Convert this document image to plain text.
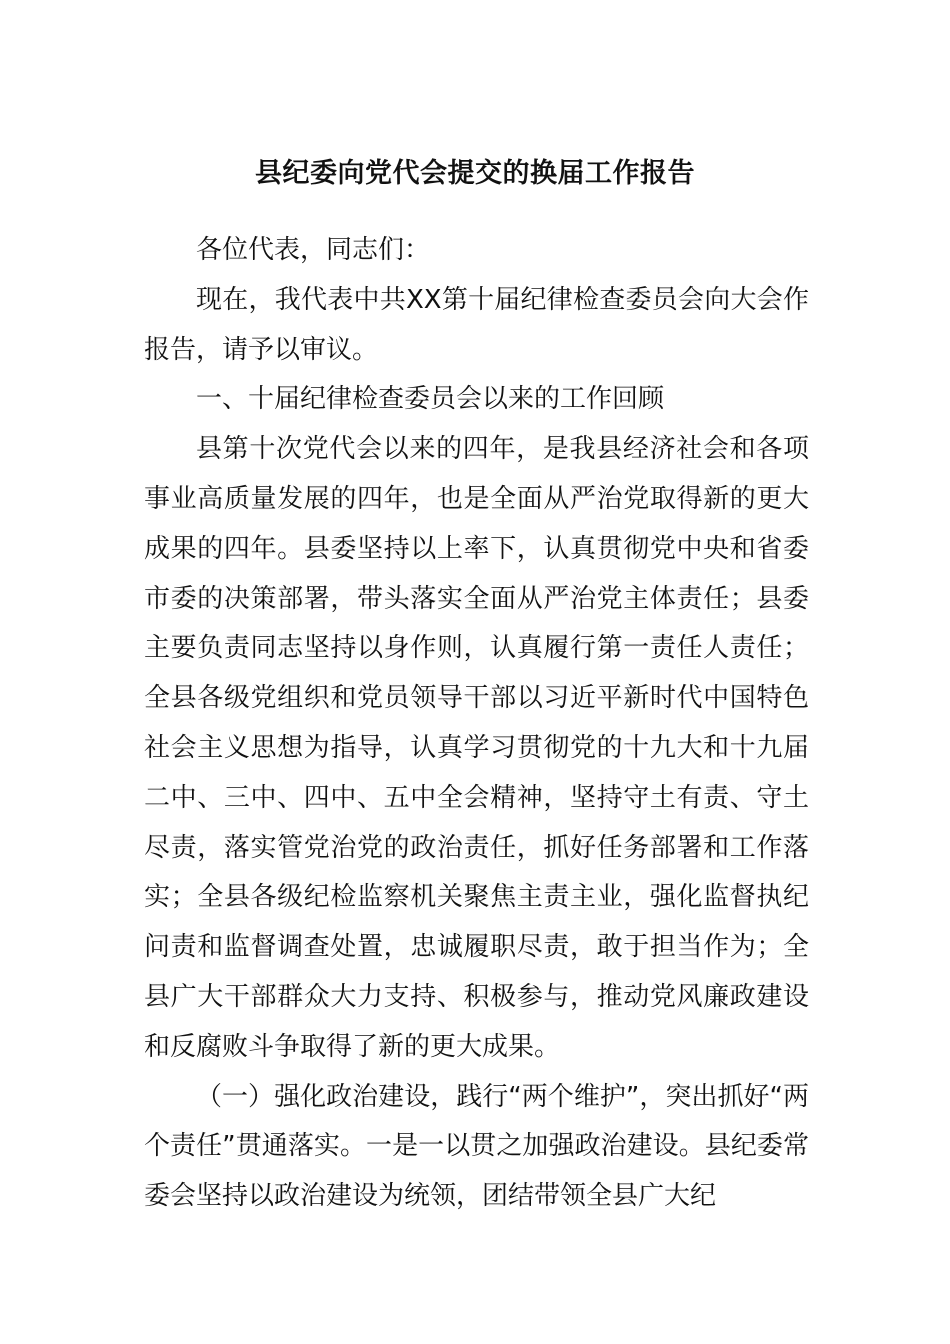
县纪委向党代会提交的换届工作报告

各位代表，同志们：

现在，我代表中共XX第十届纪律检查委员会向大会作报告，请予以审议。

一、十届纪律检查委员会以来的工作回顾

县第十次党代会以来的四年，是我县经济社会和各项事业高质量发展的四年，也是全面从严治党取得新的更大成果的四年。县委坚持以上率下，认真贯彻党中央和省委市委的决策部署，带头落实全面从严治党主体责任；县委主要负责同志坚持以身作则，认真履行第一责任人责任；全县各级党组织和党员领导干部以习近平新时代中国特色社会主义思想为指导，认真学习贯彻党的十九大和十九届二中、三中、四中、五中全会精神，坚持守土有责、守土尽责，落实管党治党的政治责任，抓好任务部署和工作落实；全县各级纪检监察机关聚焦主责主业，强化监督执纪问责和监督调查处置，忠诚履职尽责，敢于担当作为；全县广大干部群众大力支持、积极参与，推动党风廉政建设和反腐败斗争取得了新的更大成果。

（一）强化政治建设，践行“两个维护”，突出抓好“两个责任”贯通落实。一是一以贯之加强政治建设。县纪委常委会坚持以政治建设为统领，团结带领全县广大纪
